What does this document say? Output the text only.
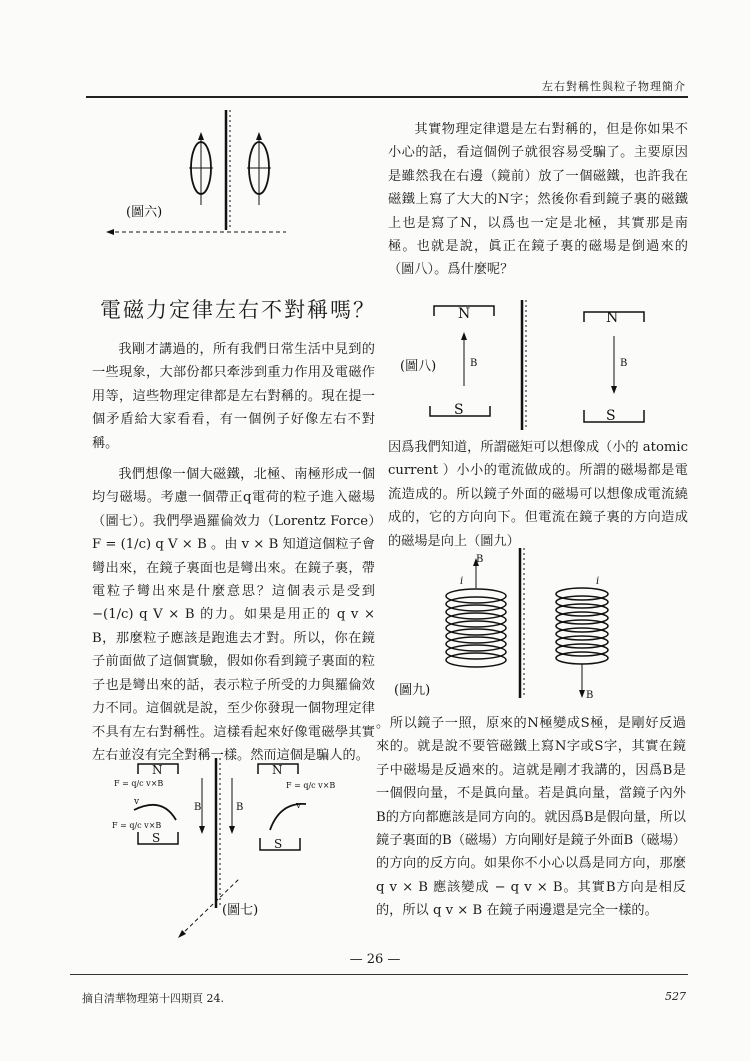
左右對稱性與粒子物理簡介
(圖六)
電磁力定律左右不對稱嗎？

我剛才講過的，所有我們日常生活中見到的一些現象，大部份都只牽涉到重力作用及電磁作用等，這些物理定律都是左右對稱的。現在提一個矛盾給大家看看，有一個例子好像左右不對稱。

我們想像一個大磁鐵，北極、南極形成一個均勻磁場。考慮一個帶正q電荷的粒子進入磁場（圖七）。我們學過羅倫效力（Lorentz Force）F = (1/c) q V × B 。由 v × B 知道這個粒子會彎出來，在鏡子裏面也是彎出來。在鏡子裏，帶電粒子彎出來是什麼意思？這個表示是受到 −(1/c) q V × B 的力。如果是用正的 q v × B，那麼粒子應該是跑進去才對。所以，你在鏡子前面做了這個實驗，假如你看到鏡子裏面的粒子也是彎出來的話，表示粒子所受的力與羅倫效力不同。這個就是說，至少你發現一個物理定律不具有左右對稱性。這樣看起來好像電磁學其實左右並沒有完全對稱一樣。然而這個是騙人的。

N
S
F = q/c v×B
F = q/c v×B
v	B	B
N
S
F = q/c v×B
v
(圖七)

其實物理定律還是左右對稱的，但是你如果不小心的話，看這個例子就很容易受騙了。主要原因是雖然我在右邊（鏡前）放了一個磁鐵，也許我在磁鐵上寫了大大的N字；然後你看到鏡子裏的磁鐵上也是寫了N，以爲也一定是北極，其實那是南極。也就是說，眞正在鏡子裏的磁場是倒過來的（圖八）。爲什麼呢？

N
S
B
(圖八)
N
S
B

因爲我們知道，所謂磁矩可以想像成（小的 atomic current ）小小的電流做成的。所謂的磁場都是電流造成的。所以鏡子外面的磁場可以想像成電流繞成的，它的方向向下。但電流在鏡子裏的方向造成的磁場是向上（圖九）

B
i
B
i
(圖九)

。所以鏡子一照，原來的N極變成S極，是剛好反過來的。就是說不要管磁鐵上寫N字或S字，其實在鏡子中磁場是反過來的。這就是剛才我講的，因爲B是一個假向量，不是眞向量。若是眞向量，當鏡子內外B的方向都應該是同方向的。就因爲B是假向量，所以鏡子裏面的B（磁場）方向剛好是鏡子外面B（磁場）的方向的反方向。如果你不小心以爲是同方向，那麼 q v × B 應該變成 − q v × B。其實B方向是相反的，所以 q v × B 在鏡子兩邊還是完全一樣的。

— 26 —
摘自清華物理第十四期頁 24.	527
